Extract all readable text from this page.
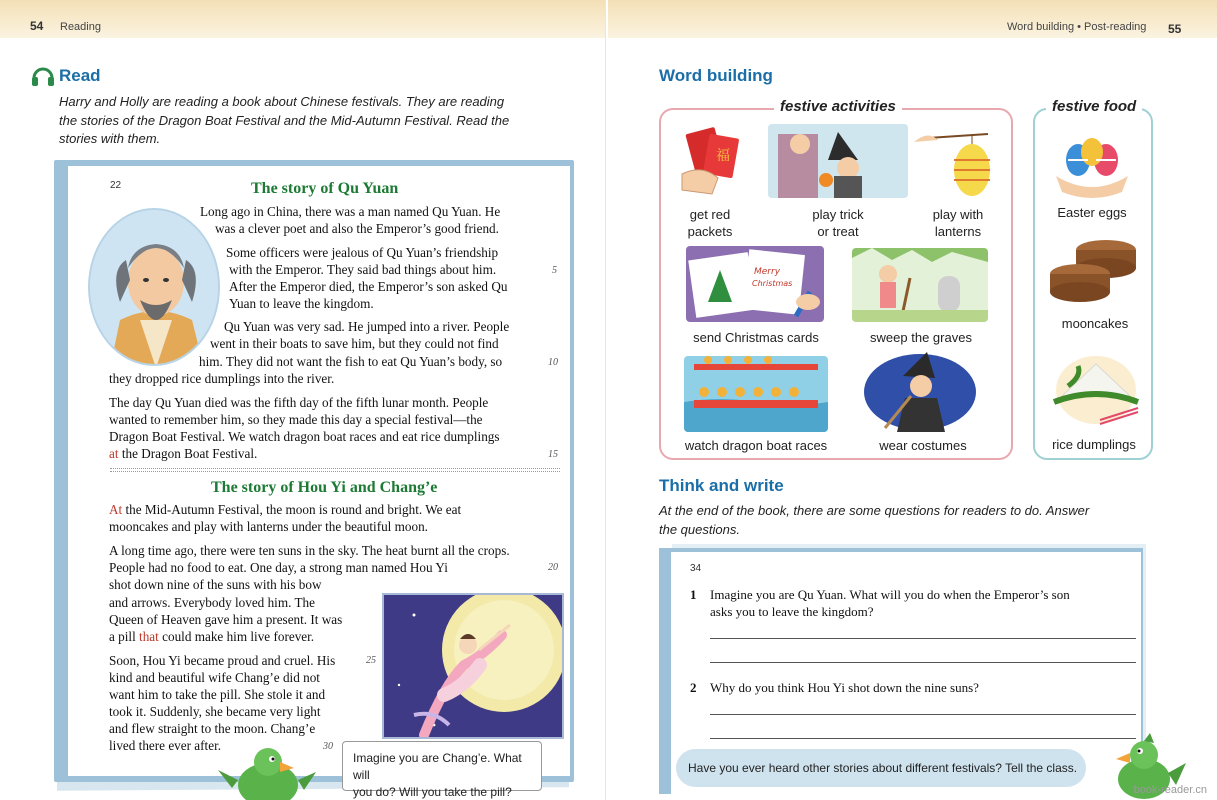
54 Reading
Read
Harry and Holly are reading a book about Chinese festivals. They are reading
the stories of the Dragon Boat Festival and the Mid-Autumn Festival. Read the
stories with them.
22	The story of Qu Yuan
Long ago in China, there was a man named Qu Yuan. He
was a clever poet and also the Emperor’s good friend.
Some officers were jealous of Qu Yuan’s friendship
with the Emperor. They said bad things about him.
After the Emperor died, the Emperor’s son asked Qu
Yuan to leave the kingdom.
Qu Yuan was very sad. He jumped into a river. People
went in their boats to save him, but they could not find
him. They did not want the fish to eat Qu Yuan’s body, so
they dropped rice dumplings into the river.
The day Qu Yuan died was the fifth day of the fifth lunar month. People
wanted to remember him, so they made this day a special festival—the
Dragon Boat Festival. We watch dragon boat races and eat rice dumplings
at the Dragon Boat Festival.
5
10
15
The story of Hou Yi and Chang’e
At the Mid-Autumn Festival, the moon is round and bright. We eat
mooncakes and play with lanterns under the beautiful moon.
A long time ago, there were ten suns in the sky. The heat burnt all the crops.
People had no food to eat. One day, a strong man named Hou Yi
shot down nine of the suns with his bow
and arrows. Everybody loved him. The
Queen of Heaven gave him a present. It was
a pill that could make him live forever.
Soon, Hou Yi became proud and cruel. His
kind and beautiful wife Chang’e did not
want him to take the pill. She stole it and
took it. Suddenly, she became very light
and flew straight to the moon. Chang’e
lived there ever after.
20
25
30
Imagine you are Chang’e. What will
you do? Will you take the pill?
Word building • Post-reading 55
Word building
festive activities	festive food
福
get red
packets
play trick
or treat
play with
lanterns
Merry
Christmas
send Christmas cards	sweep the graves
watch dragon boat races	wear costumes
Easter eggs
mooncakes
rice dumplings
Think and write
At the end of the book, there are some questions for readers to do. Answer
the questions.
34
1 Imagine you are Qu Yuan. What will you do when the Emperor’s son
asks you to leave the kingdom?
2 Why do you think Hou Yi shot down the nine suns?
Have you ever heard other stories about different festivals? Tell the class.
book-reader.cn
